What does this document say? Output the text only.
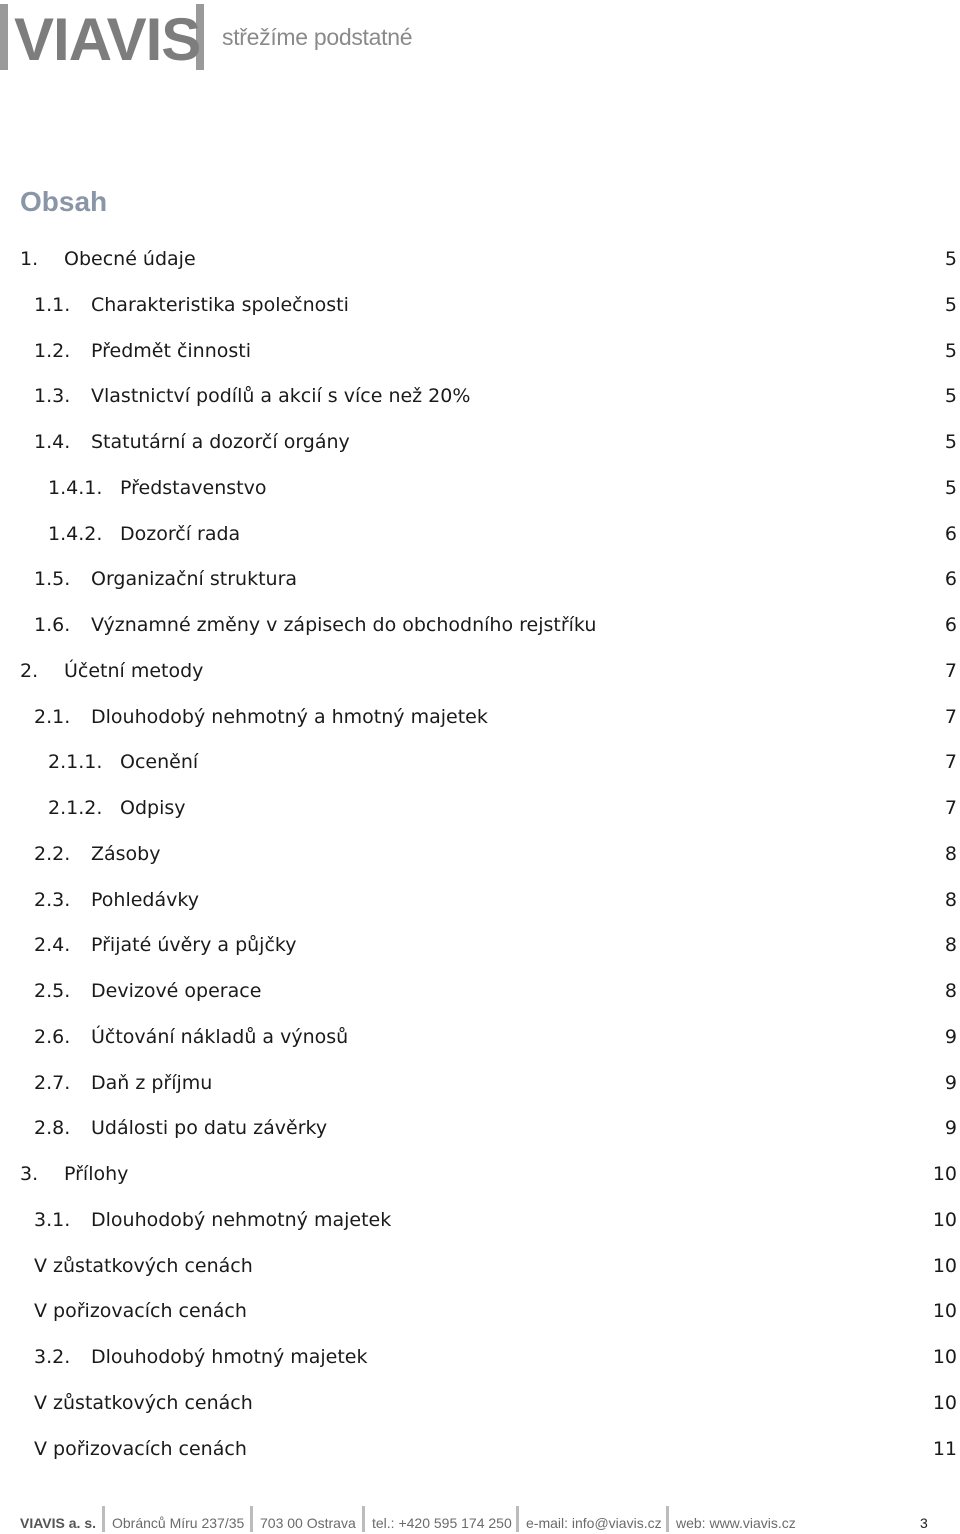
VIAVIS střežíme podstatné
Obsah
1. Obecné údaje	5
1.1. Charakteristika společnosti	5
1.2. Předmět činnosti	5
1.3. Vlastnictví podílů a akcií s více než 20%	5
1.4. Statutární a dozorčí orgány	5
1.4.1. Představenstvo	5
1.4.2. Dozorčí rada	6
1.5. Organizační struktura	6
1.6. Významné změny v zápisech do obchodního rejstříku	6
2. Účetní metody	7
2.1. Dlouhodobý nehmotný a hmotný majetek	7
2.1.1. Ocenění	7
2.1.2. Odpisy	7
2.2. Zásoby	8
2.3. Pohledávky	8
2.4. Přijaté úvěry a půjčky	8
2.5. Devizové operace	8
2.6. Účtování nákladů a výnosů	9
2.7. Daň z příjmu	9
2.8. Události po datu závěrky	9
3. Přílohy	10
3.1. Dlouhodobý nehmotný majetek	10
V zůstatkových cenách	10
V pořizovacích cenách	10
3.2. Dlouhodobý hmotný majetek	10
V zůstatkových cenách	10
V pořizovacích cenách	11
VIAVIS a. s. Obránců Míru 237/35 703 00 Ostrava tel.: +420 595 174 250 e-mail: info@viavis.cz web: www.viavis.cz	3
